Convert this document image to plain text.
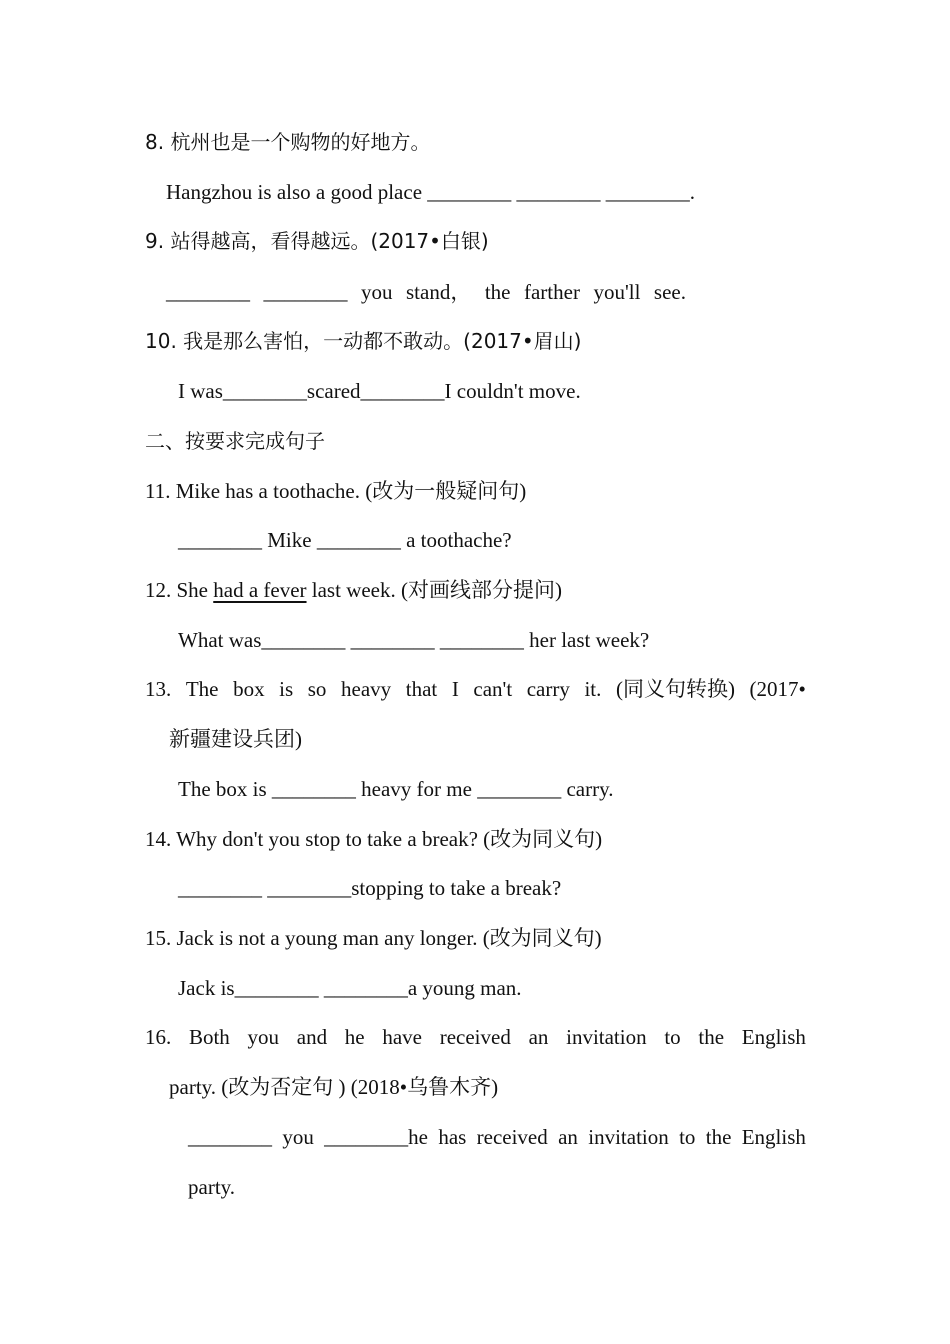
8. 杭州也是一个购物的好地方。
Hangzhou is also a good place ________ ________ ________.
9. 站得越高，看得越远。(2017•白银)
________ ________ you stand， the farther you'll see.
10. 我是那么害怕，一动都不敢动。(2017•眉山)
I was________scared________I couldn't move.
二、按要求完成句子
11. Mike has a toothache. (改为一般疑问句)
________ Mike ________ a toothache?
12. She had a fever last week. (对画线部分提问)
What was________ ________ ________ her last week?
13. The box is so heavy that I can't carry it. (同义句转换) (2017•
新疆建设兵团)
The box is ________ heavy for me ________ carry.
14. Why don't you stop to take a break? (改为同义句)
________ ________stopping to take a break?
15. Jack is not a young man any longer. (改为同义句)
Jack is________ ________a young man.
16. Both you and he have received an invitation to the English
party. (改为否定句 ) (2018•乌鲁木齐)
________ you ________he has received an invitation to the English
party.
